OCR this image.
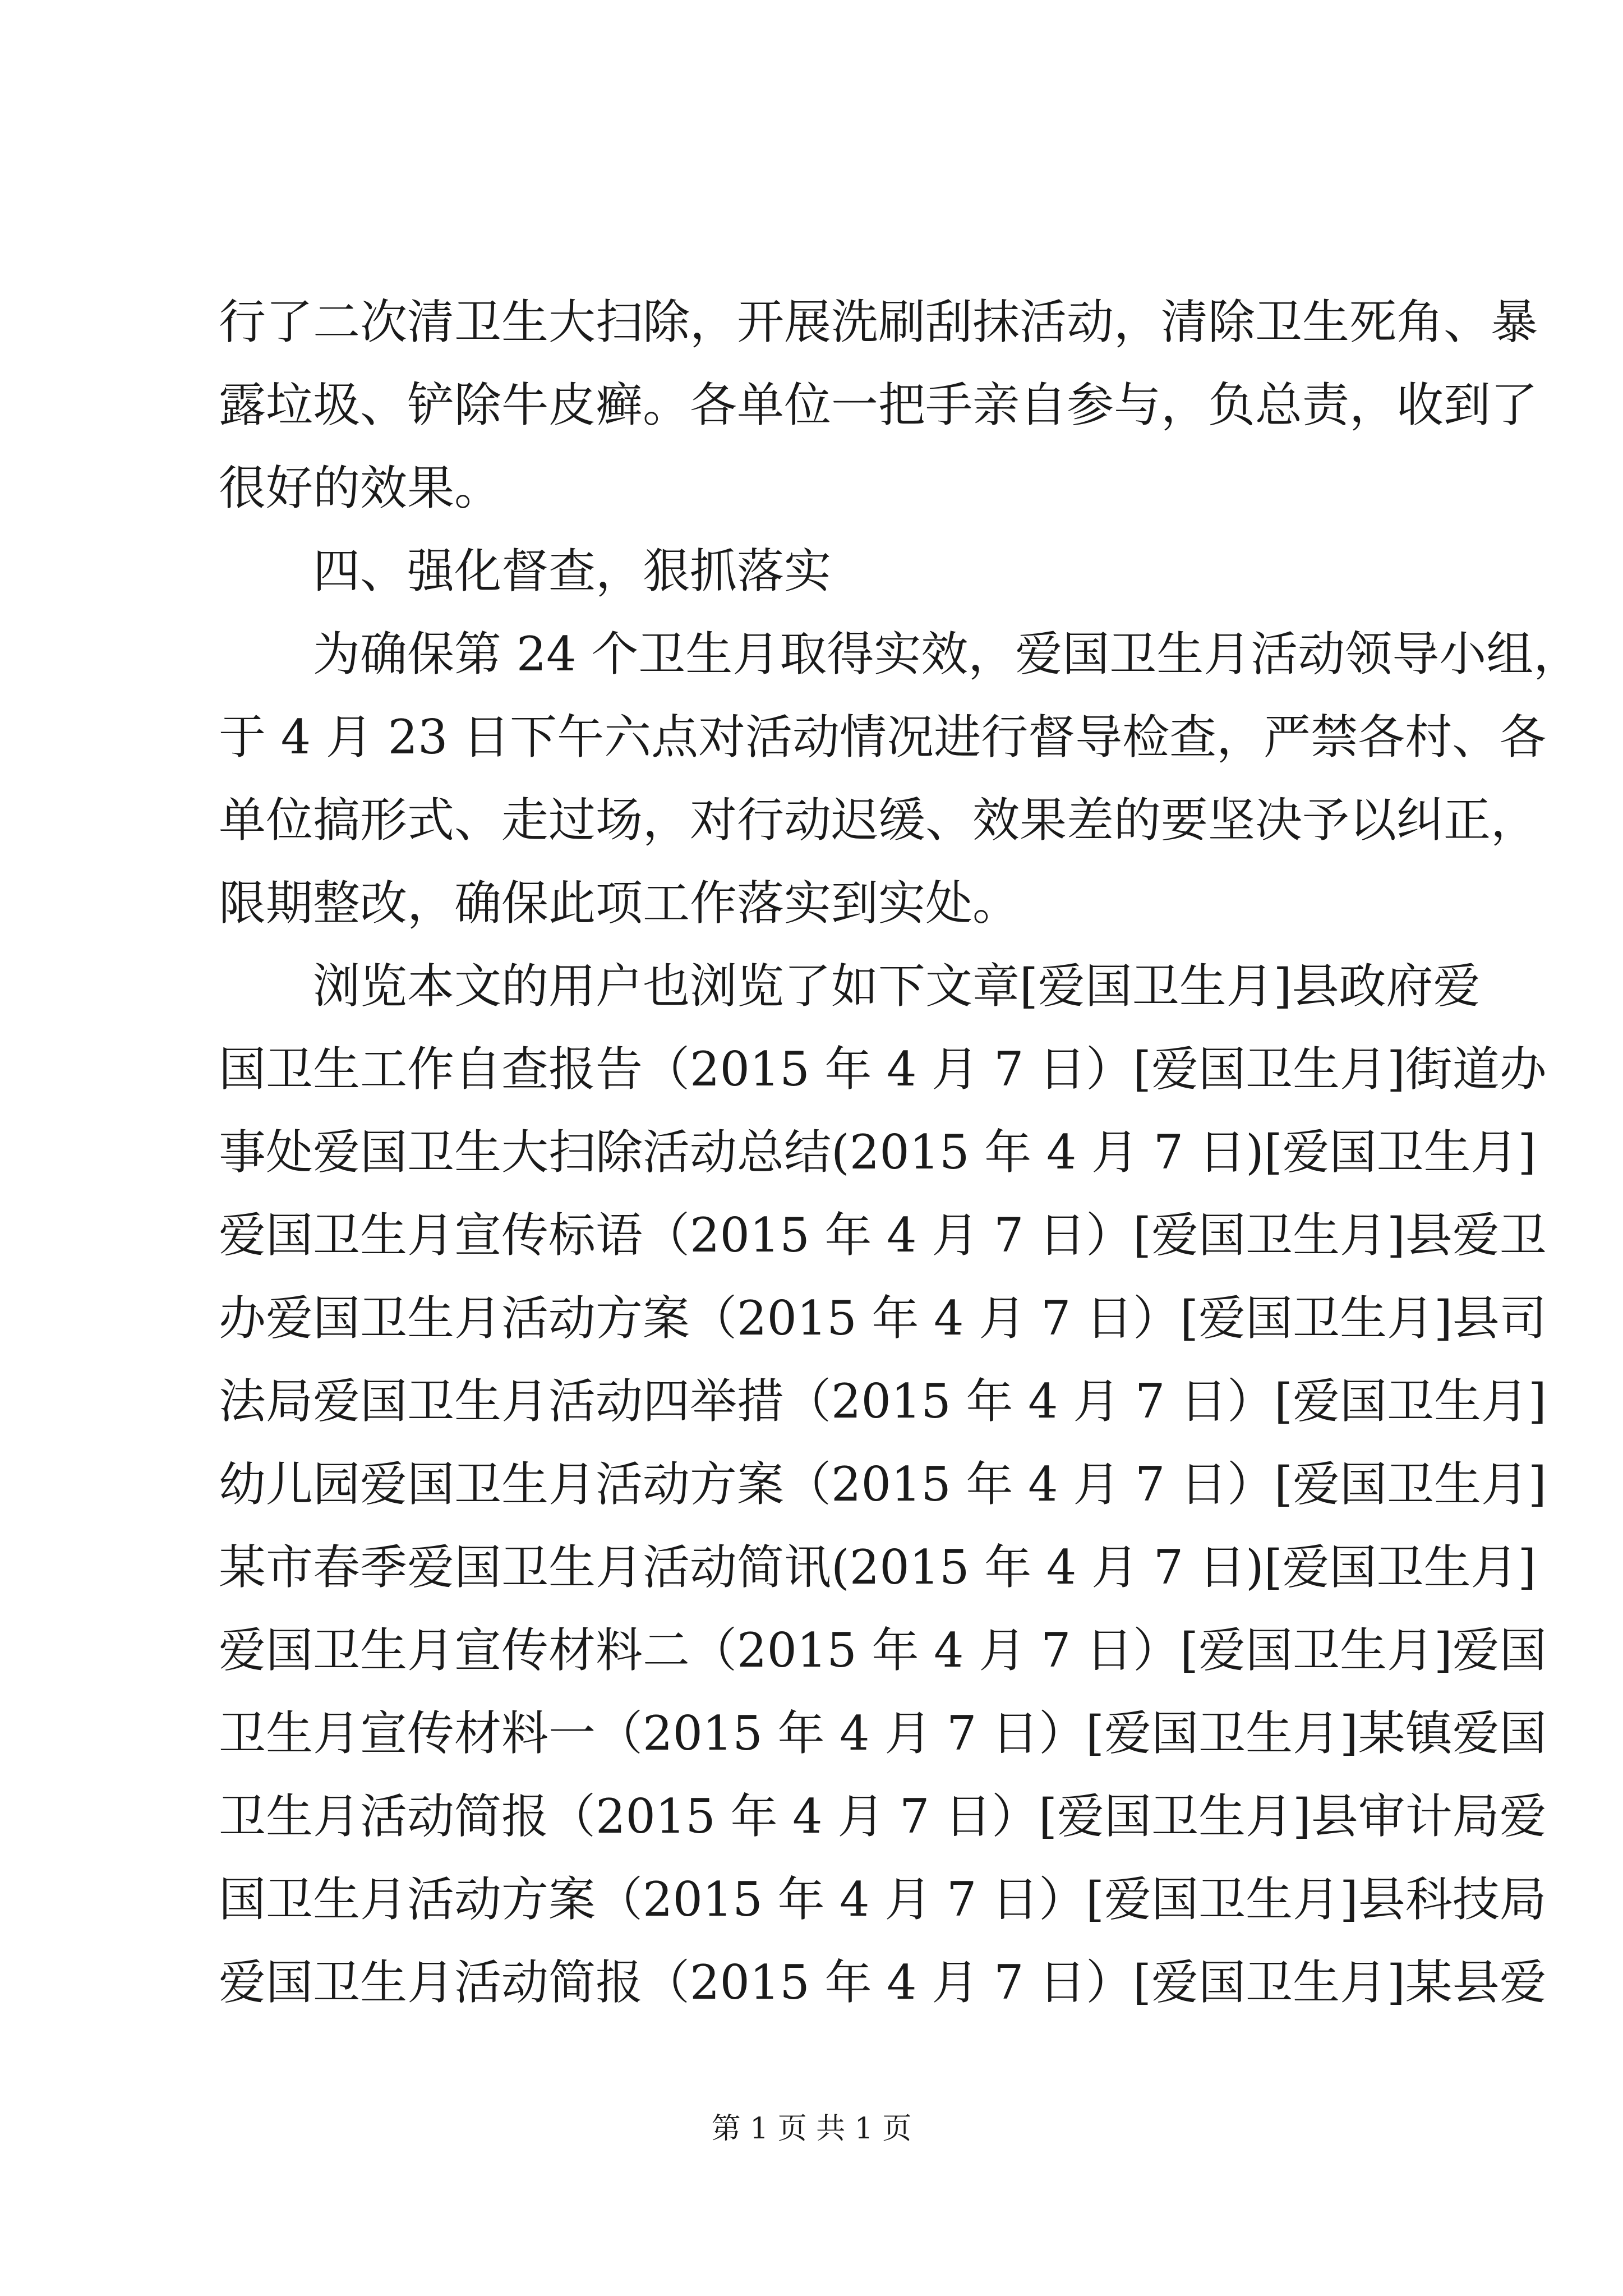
行了二次清卫生大扫除，开展洗刷刮抹活动，清除卫生死角、暴
露垃圾、铲除牛皮癣。各单位一把手亲自参与，负总责，收到了
很好的效果。
四、强化督查，狠抓落实
为确保第 24 个卫生月取得实效，爱国卫生月活动领导小组，
于 4 月 23 日下午六点对活动情况进行督导检查，严禁各村、各
单位搞形式、走过场，对行动迟缓、效果差的要坚决予以纠正，
限期整改，确保此项工作落实到实处。
浏览本文的用户也浏览了如下文章[爱国卫生月]县政府爱
国卫生工作自查报告（2015 年 4 月 7 日）[爱国卫生月]街道办
事处爱国卫生大扫除活动总结(2015 年 4 月 7 日)[爱国卫生月]
爱国卫生月宣传标语（2015 年 4 月 7 日）[爱国卫生月]县爱卫
办爱国卫生月活动方案（2015 年 4 月 7 日）[爱国卫生月]县司
法局爱国卫生月活动四举措（2015 年 4 月 7 日）[爱国卫生月]
幼儿园爱国卫生月活动方案（2015 年 4 月 7 日）[爱国卫生月]
某市春季爱国卫生月活动简讯(2015 年 4 月 7 日)[爱国卫生月]
爱国卫生月宣传材料二（2015 年 4 月 7 日）[爱国卫生月]爱国
卫生月宣传材料一（2015 年 4 月 7 日）[爱国卫生月]某镇爱国
卫生月活动简报（2015 年 4 月 7 日）[爱国卫生月]县审计局爱
国卫生月活动方案（2015 年 4 月 7 日）[爱国卫生月]县科技局
爱国卫生月活动简报（2015 年 4 月 7 日）[爱国卫生月]某县爱
第 1 页 共 1 页
